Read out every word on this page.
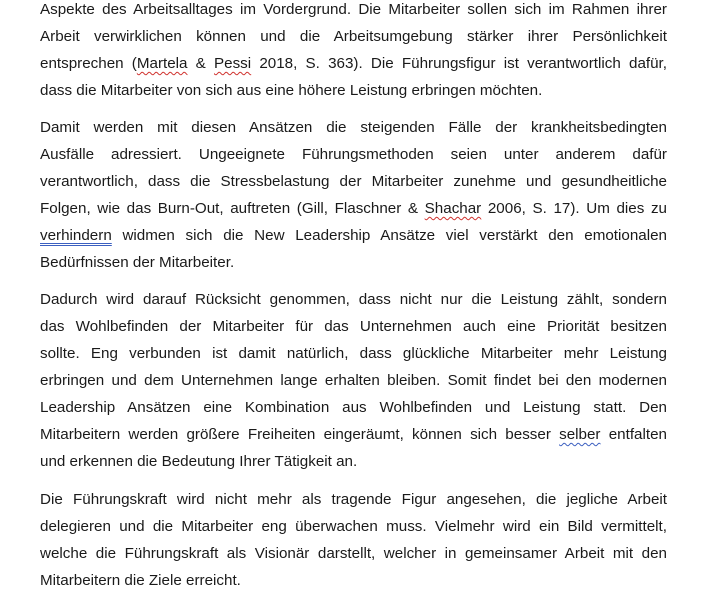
Aspekte des Arbeitsalltages im Vordergrund. Die Mitarbeiter sollen sich im Rahmen ihrer
Arbeit verwirklichen können und die Arbeitsumgebung stärker ihrer Persönlichkeit
entsprechen (Martela & Pessi 2018, S. 363). Die Führungsfigur ist verantwortlich dafür,
dass die Mitarbeiter von sich aus eine höhere Leistung erbringen möchten.
Damit werden mit diesen Ansätzen die steigenden Fälle der krankheitsbedingten
Ausfälle adressiert. Ungeeignete Führungsmethoden seien unter anderem dafür
verantwortlich, dass die Stressbelastung der Mitarbeiter zunehme und gesundheitliche
Folgen, wie das Burn-Out, auftreten (Gill, Flaschner & Shachar 2006, S. 17). Um dies zu
verhindern widmen sich die New Leadership Ansätze viel verstärkt den emotionalen
Bedürfnissen der Mitarbeiter.
Dadurch wird darauf Rücksicht genommen, dass nicht nur die Leistung zählt, sondern
das Wohlbefinden der Mitarbeiter für das Unternehmen auch eine Priorität besitzen
sollte. Eng verbunden ist damit natürlich, dass glückliche Mitarbeiter mehr Leistung
erbringen und dem Unternehmen lange erhalten bleiben. Somit findet bei den modernen
Leadership Ansätzen eine Kombination aus Wohlbefinden und Leistung statt. Den
Mitarbeitern werden größere Freiheiten eingeräumt, können sich besser selber entfalten
und erkennen die Bedeutung Ihrer Tätigkeit an.
Die Führungskraft wird nicht mehr als tragende Figur angesehen, die jegliche Arbeit
delegieren und die Mitarbeiter eng überwachen muss. Vielmehr wird ein Bild vermittelt,
welche die Führungskraft als Visionär darstellt, welcher in gemeinsamer Arbeit mit den
Mitarbeitern die Ziele erreicht.
